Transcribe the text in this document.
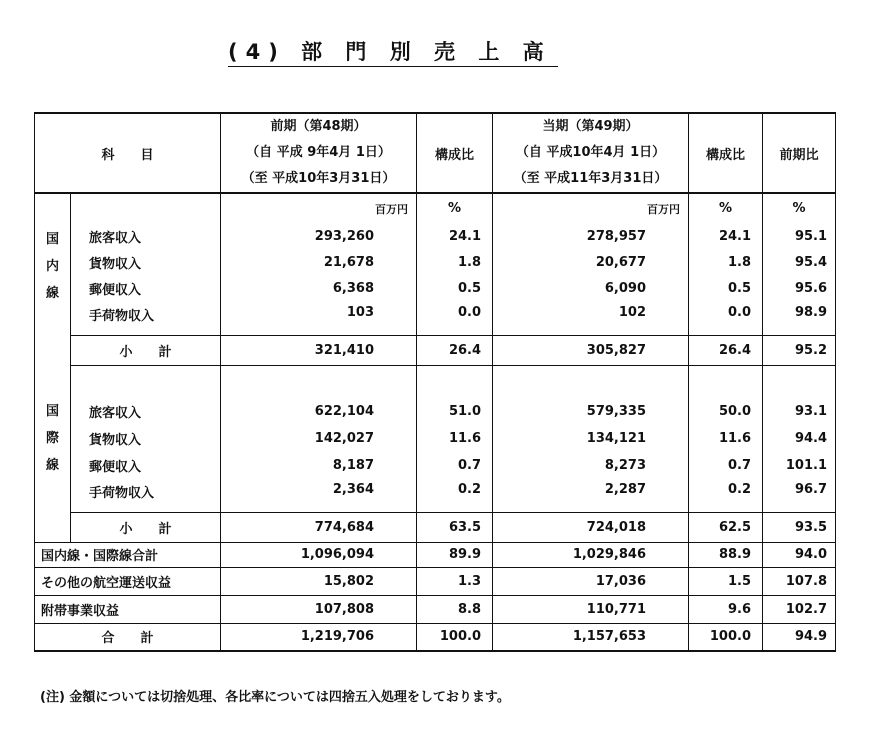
(4) 部 門 別 売 上 高
科　　目		前期（第48期）
（自 平成 9年4月 1日）
（至 平成10年3月31日）	構成比	当期（第49期）
（自 平成10年4月 1日）
（至 平成11年3月31日）	構成比	前期比

国
内
線		百万円	%	百万円	%	%
	旅客収入	293,260	24.1	278,957	24.1	95.1
	貨物収入	21,678	1.8	20,677	1.8	95.4
	郵便収入	6,368	0.5	6,090	0.5	95.6
	手荷物収入	103	0.0	102	0.0	98.9
	小　　計	321,410	26.4	305,827	26.4	95.2

国
際
線						

	旅客収入	622,104	51.0	579,335	50.0	93.1
	貨物収入	142,027	11.6	134,121	11.6	94.4
	郵便収入	8,187	0.7	8,273	0.7	101.1
	手荷物収入	2,364	0.2	2,287	0.2	96.7
	小　　計	774,684	63.5	724,018	62.5	93.5
国内線・国際線合計		1,096,094	89.9	1,029,846	88.9	94.0
その他の航空運送収益		15,802	1.3	17,036	1.5	107.8
附帯事業収益		107,808	8.8	110,771	9.6	102.7
合　　計		1,219,706	100.0	1,157,653	100.0	94.9
(注) 金額については切捨処理、各比率については四捨五入処理をしております。
